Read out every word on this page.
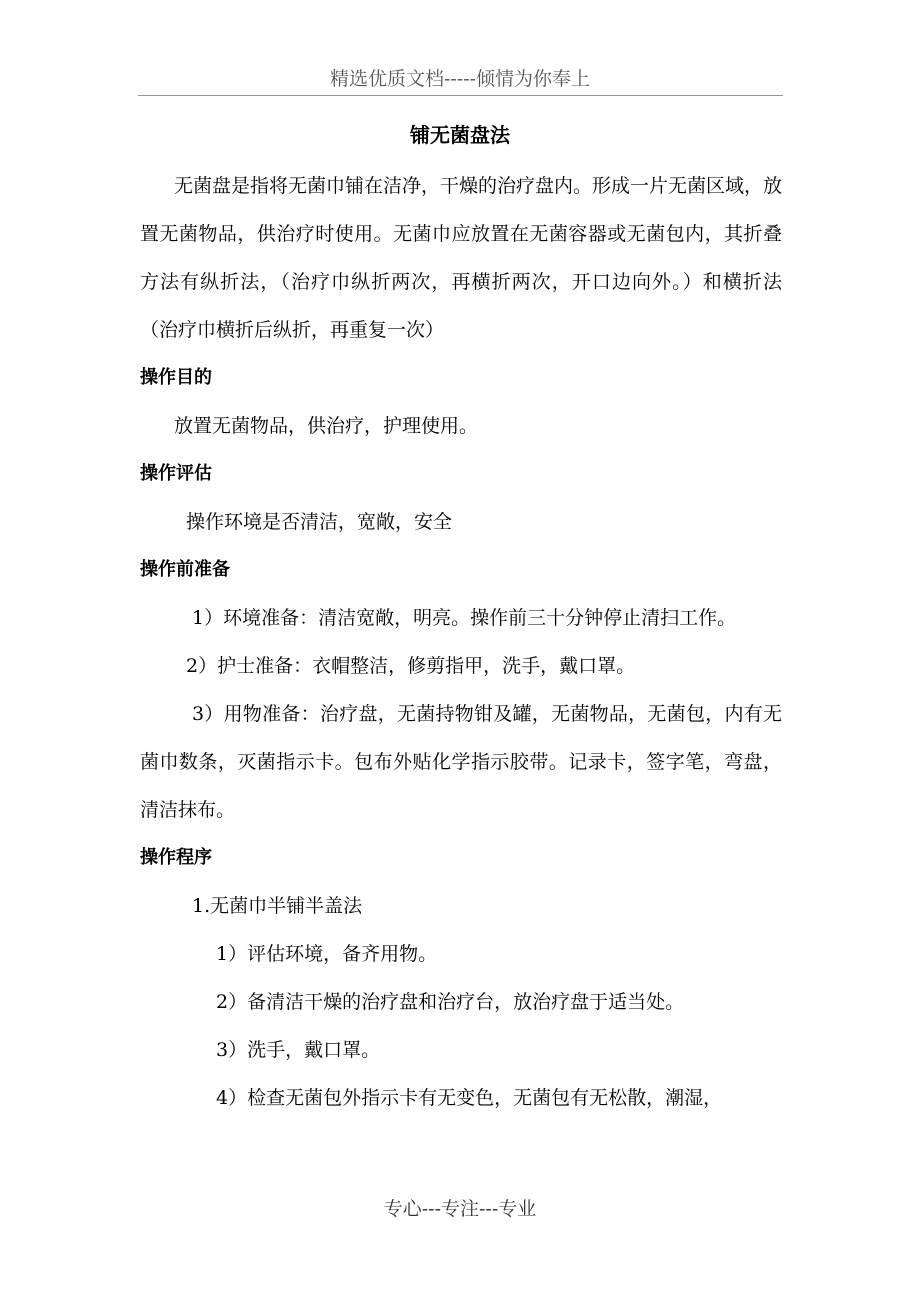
精选优质文档-----倾情为你奉上
铺无菌盘法

无菌盘是指将无菌巾铺在洁净，干燥的治疗盘内。形成一片无菌区域，放置无菌物品，供治疗时使用。无菌巾应放置在无菌容器或无菌包内，其折叠方法有纵折法，（治疗巾纵折两次，再横折两次，开口边向外。）和横折法（治疗巾横折后纵折，再重复一次）

操作目的

放置无菌物品，供治疗，护理使用。

操作评估

操作环境是否清洁，宽敞，安全

操作前准备

1）环境准备：清洁宽敞，明亮。操作前三十分钟停止清扫工作。

2）护士准备：衣帽整洁，修剪指甲，洗手，戴口罩。

3）用物准备：治疗盘，无菌持物钳及罐，无菌物品，无菌包，内有无菌巾数条，灭菌指示卡。包布外贴化学指示胶带。记录卡，签字笔，弯盘，清洁抹布。

操作程序

1.无菌巾半铺半盖法

1）评估环境，备齐用物。

2）备清洁干燥的治疗盘和治疗台，放治疗盘于适当处。

3）洗手，戴口罩。

4）检查无菌包外指示卡有无变色，无菌包有无松散，潮湿，

专心---专注---专业
